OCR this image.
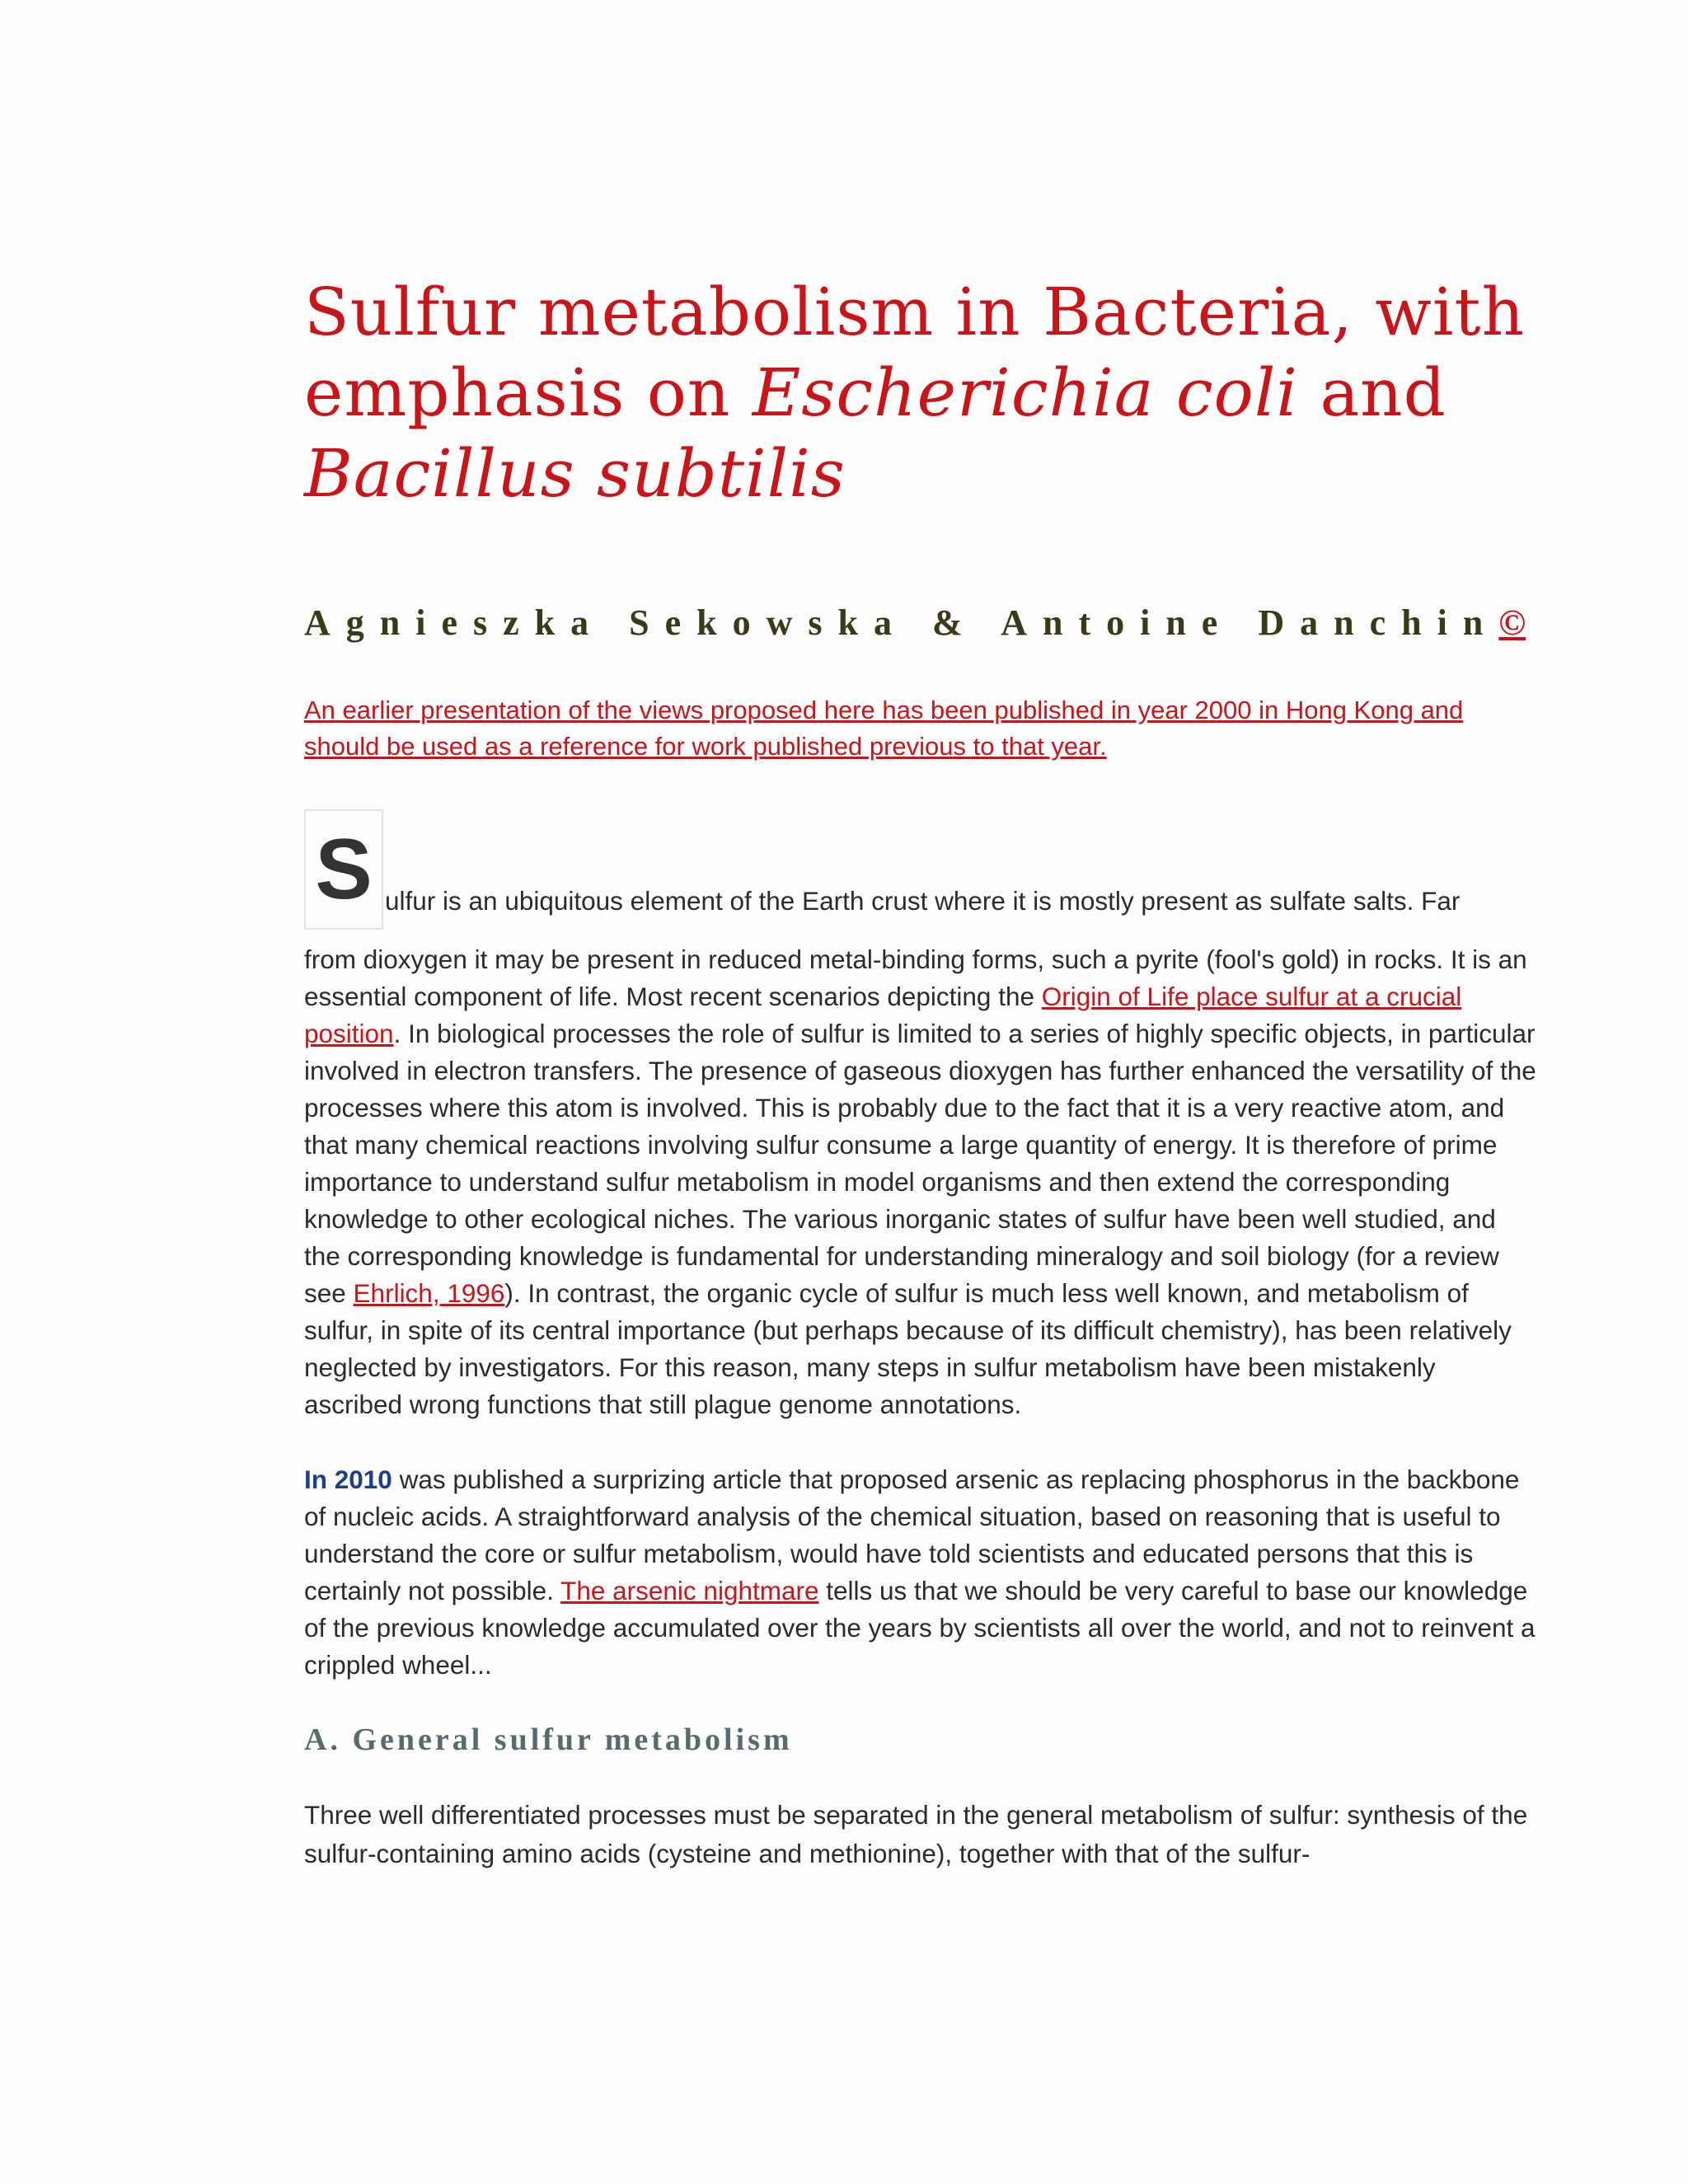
Sulfur metabolism in Bacteria, with emphasis on Escherichia coli and Bacillus subtilis
Agnieszka Sekowska & Antoine Danchin©
An earlier presentation of the views proposed here has been published in year 2000 in Hong Kong and should be used as a reference for work published previous to that year.
S ulfur is an ubiquitous element of the Earth crust where it is mostly present as sulfate salts. Far
from dioxygen it may be present in reduced metal-binding forms, such a pyrite (fool's gold) in rocks. It is an essential component of life. Most recent scenarios depicting the Origin of Life place sulfur at a crucial position. In biological processes the role of sulfur is limited to a series of highly specific objects, in particular involved in electron transfers. The presence of gaseous dioxygen has further enhanced the versatility of the processes where this atom is involved. This is probably due to the fact that it is a very reactive atom, and that many chemical reactions involving sulfur consume a large quantity of energy. It is therefore of prime importance to understand sulfur metabolism in model organisms and then extend the corresponding knowledge to other ecological niches. The various inorganic states of sulfur have been well studied, and the corresponding knowledge is fundamental for understanding mineralogy and soil biology (for a review see Ehrlich, 1996). In contrast, the organic cycle of sulfur is much less well known, and metabolism of sulfur, in spite of its central importance (but perhaps because of its difficult chemistry), has been relatively neglected by investigators. For this reason, many steps in sulfur metabolism have been mistakenly ascribed wrong functions that still plague genome annotations.
In 2010 was published a surprizing article that proposed arsenic as replacing phosphorus in the backbone of nucleic acids. A straightforward analysis of the chemical situation, based on reasoning that is useful to understand the core or sulfur metabolism, would have told scientists and educated persons that this is certainly not possible. The arsenic nightmare tells us that we should be very careful to base our knowledge of the previous knowledge accumulated over the years by scientists all over the world, and not to reinvent a crippled wheel...
A. General sulfur metabolism
Three well differentiated processes must be separated in the general metabolism of sulfur: synthesis of the sulfur-containing amino acids (cysteine and methionine), together with that of the sulfur-
